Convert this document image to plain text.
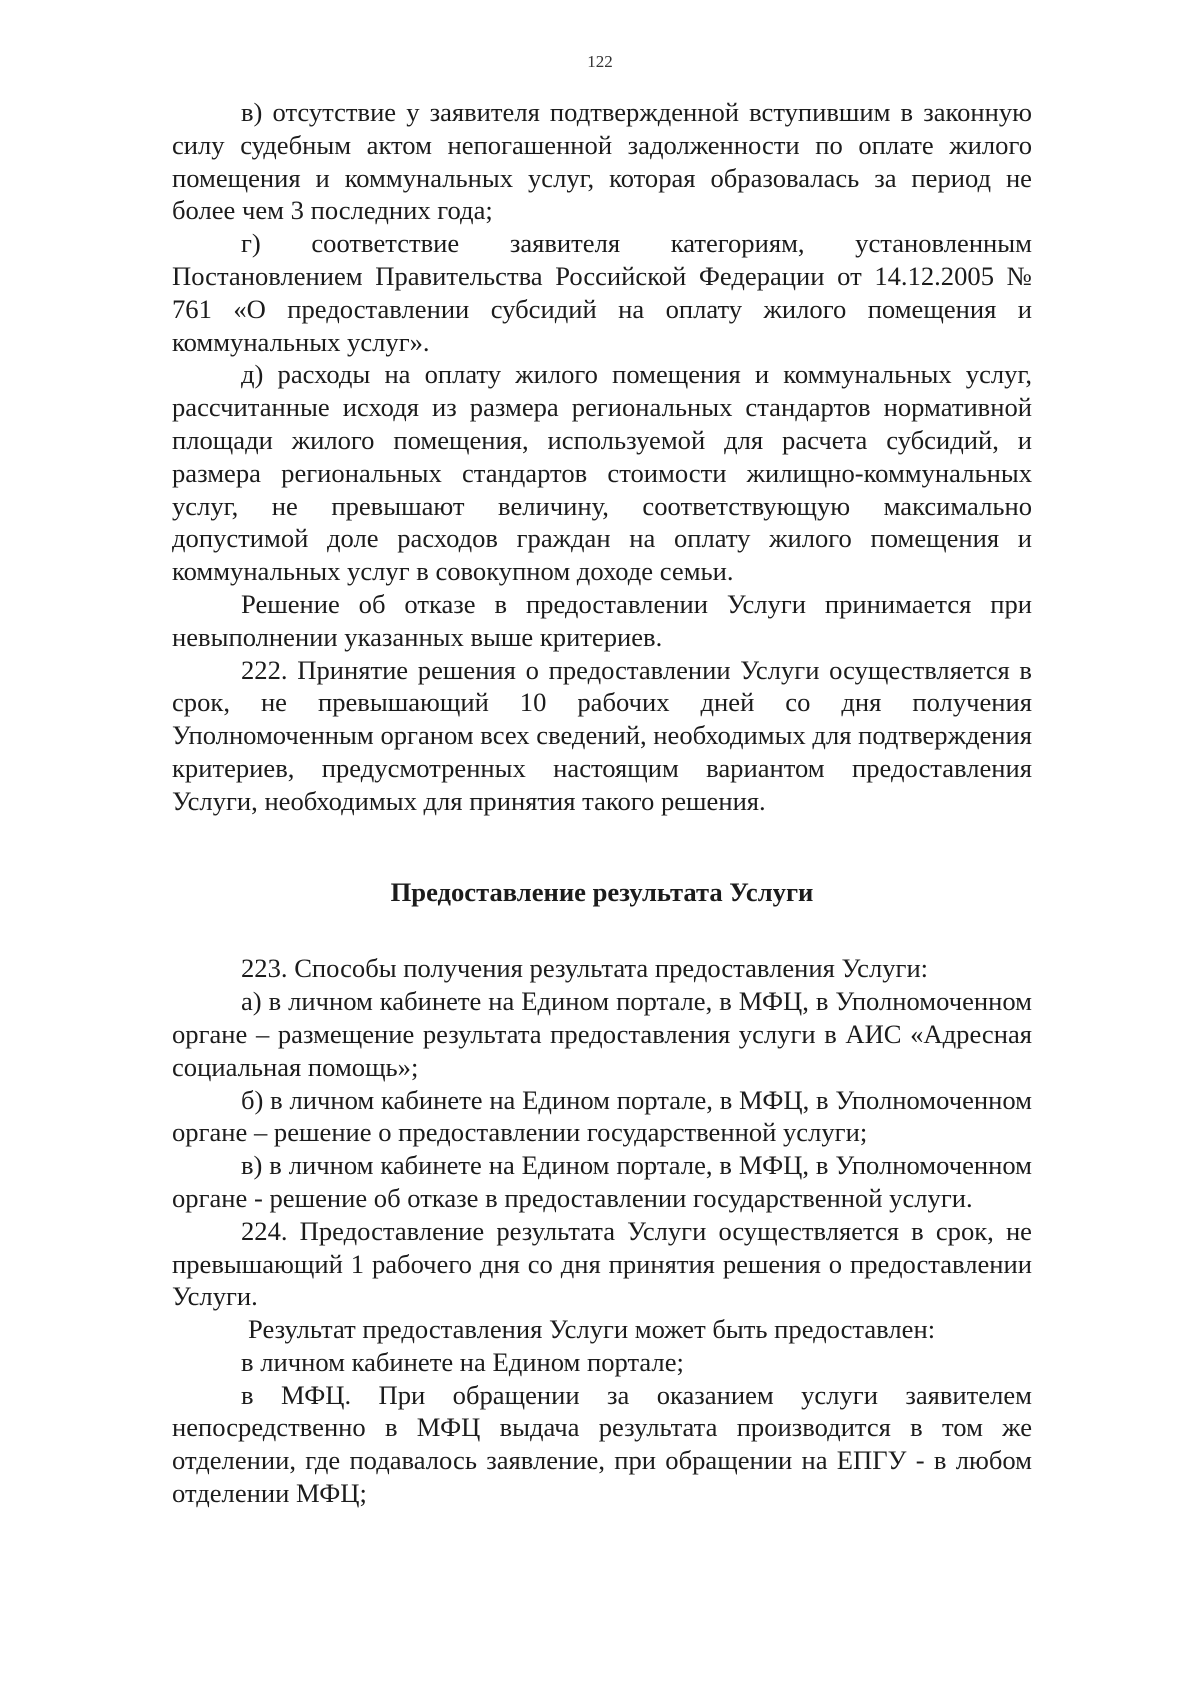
122

в) отсутствие у заявителя подтвержденной вступившим в законную силу судебным актом непогашенной задолженности по оплате жилого помещения и коммунальных услуг, которая образовалась за период не более чем 3 последних года;

г) соответствие заявителя категориям, установленным Постановлением Правительства Российской Федерации от 14.12.2005 № 761 «О предоставлении субсидий на оплату жилого помещения и коммунальных услуг».

д) расходы на оплату жилого помещения и коммунальных услуг, рассчитанные исходя из размера региональных стандартов нормативной площади жилого помещения, используемой для расчета субсидий, и размера региональных стандартов стоимости жилищно-коммунальных услуг, не превышают величину, соответствующую максимально допустимой доле расходов граждан на оплату жилого помещения и коммунальных услуг в совокупном доходе семьи.

Решение об отказе в предоставлении Услуги принимается при невыполнении указанных выше критериев.

222. Принятие решения о предоставлении Услуги осуществляется в срок, не превышающий 10 рабочих дней со дня получения Уполномоченным органом всех сведений, необходимых для подтверждения критериев, предусмотренных настоящим вариантом предоставления Услуги, необходимых для принятия такого решения.

Предоставление результата Услуги

223. Способы получения результата предоставления Услуги:

а) в личном кабинете на Едином портале, в МФЦ, в Уполномоченном органе – размещение результата предоставления услуги в АИС «Адресная социальная помощь»;

б) в личном кабинете на Едином портале, в МФЦ, в Уполномоченном органе – решение о предоставлении государственной услуги;

в) в личном кабинете на Едином портале, в МФЦ, в Уполномоченном органе - решение об отказе в предоставлении государственной услуги.

224. Предоставление результата Услуги осуществляется в срок, не превышающий 1 рабочего дня со дня принятия решения о предоставлении Услуги.

Результат предоставления Услуги может быть предоставлен:

в личном кабинете на Едином портале;

в МФЦ. При обращении за оказанием услуги заявителем непосредственно в МФЦ выдача результата производится в том же отделении, где подавалось заявление, при обращении на ЕПГУ - в любом отделении МФЦ;
